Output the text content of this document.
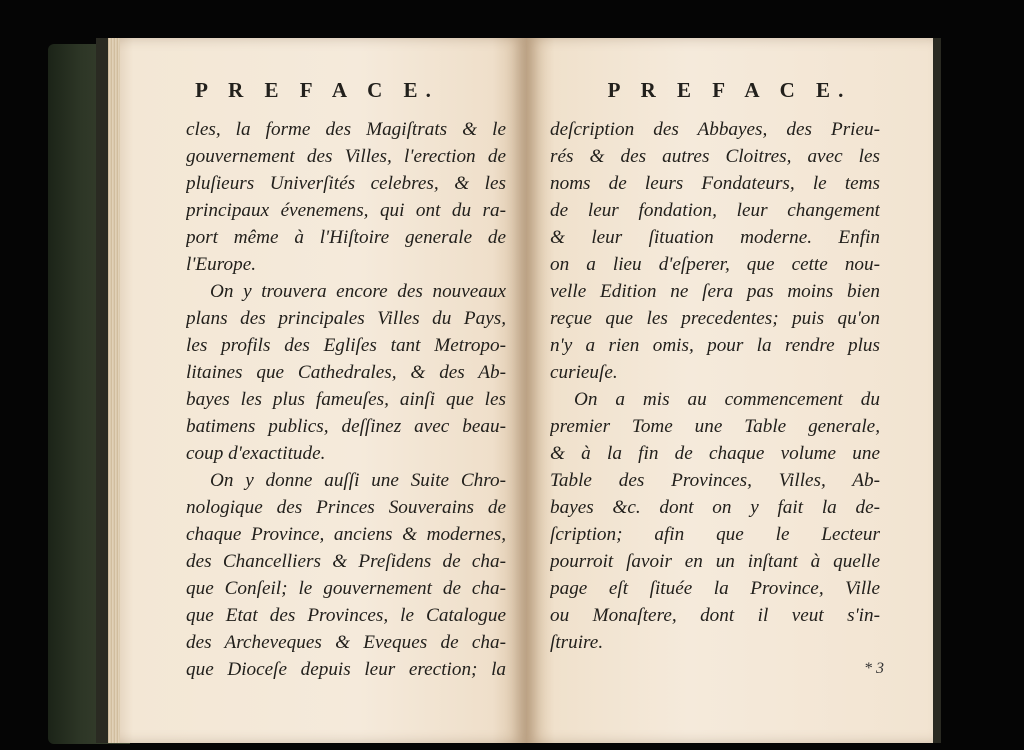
P R E F A C E.
cles, la forme des Magiſtrats & le
gouvernement des Villes, l'erection de
pluſieurs Univerſités celebres, & les
principaux évenemens, qui ont du ra-
port même à l'Hiſtoire generale de
l'Europe.
On y trouvera encore des nouveaux
plans des principales Villes du Pays,
les profils des Egliſes tant Metropo-
litaines que Cathedrales, & des Ab-
bayes les plus fameuſes, ainſi que les
batimens publics, deſſinez avec beau-
coup d'exactitude.
On y donne auſſi une Suite Chro-
nologique des Princes Souverains de
chaque Province, anciens & modernes,
des Chancelliers & Preſidens de cha-
que Conſeil; le gouvernement de cha-
que Etat des Provinces, le Catalogue
des Archeveques & Eveques de cha-
que Dioceſe depuis leur erection; la
P R E F A C E.
deſcription des Abbayes, des Prieu-
rés & des autres Cloitres, avec les
noms de leurs Fondateurs, le tems
de leur fondation, leur changement
& leur ſituation moderne. Enfin
on a lieu d'eſperer, que cette nou-
velle Edition ne ſera pas moins bien
reçue que les precedentes; puis qu'on
n'y a rien omis, pour la rendre plus
curieuſe.
On a mis au commencement du
premier Tome une Table generale,
& à la fin de chaque volume une
Table des Provinces, Villes, Ab-
bayes &c. dont on y fait la de-
ſcription; afin que le Lecteur
pourroit ſavoir en un inſtant à quelle
page eſt ſituée la Province, Ville
ou Monaſtere, dont il veut s'in-
ſtruire.
* 3
